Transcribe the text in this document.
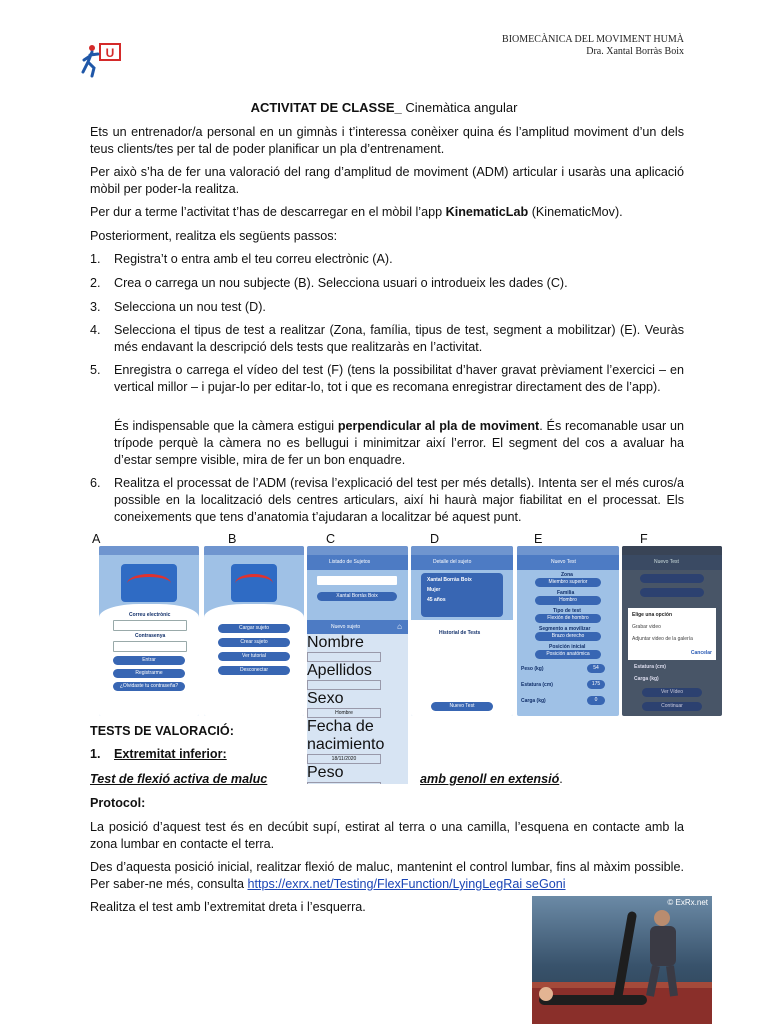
U
BIOMECÀNICA DEL MOVIMENT HUMÀ
Dra. Xantal Borràs Boix
ACTIVITAT DE CLASSE_ Cinemàtica angular
Ets un entrenador/a personal en un gimnàs i t’interessa conèixer quina és l’amplitud moviment d’un dels teus clients/tes per tal de poder planificar un pla d’entrenament.
Per això s’ha de fer una valoració del rang d’amplitud de moviment (ADM) articular i usaràs una aplicació mòbil per poder-la realitza.
Per dur a terme l’activitat t’has de descarregar en el mòbil l’app KinematicLab (KinematicMov).
Posteriorment, realitza els següents passos:
1.	Registra’t o entra amb el teu correu electrònic (A).
2.	Crea o carrega un nou subjecte (B). Selecciona usuari o introdueix les dades (C).
3.	Selecciona un nou test (D).
4.	Selecciona el tipus de test a realitzar (Zona, família, tipus de test, segment a mobilitzar) (E). Veuràs més endavant la descripció dels tests que realitzaràs en l’activitat.
5.	Enregistra o carrega el vídeo del test (F) (tens la possibilitat d’haver gravat prèviament l’exercici – en vertical millor – i pujar-lo per editar-lo, tot i que es recomana enregistrar directament des de l’app).
És indispensable que la càmera estigui perpendicular al pla de moviment. És recomanable usar un trípode perquè la càmera no es bellugui i minimitzar així l’error. El segment del cos a avaluar ha d’estar sempre visible, mira de fer un bon enquadre.
6.	Realitza el processat de l’ADM (revisa l’explicació del test per més detalls). Intenta ser el més curos/a possible en la localització dels centres articulars, així hi haurà major fiabilitat en el processat. Els coneixements que tens d’anatomia t’ajudaran a localitzar bé aquest punt.
A	B	C	D	E	F
Correu electrònic
Contrasenya
Entrar
Registrarme
¿Olvidaste tu contraseña?
Cargar sujeto
Crear sujeto
Ver tutorial
Desconectar
Listado de Sujetos
Xantal Borràs Boix
Nuevo sujeto	⌂
Nombre
Apellidos
Sexo
Hombre
Fecha de nacimiento
18/11/2020
Peso
Detalle del sujeto
Xantal Borràs Boix
Mujer
45 años
Historial de Tests
Nuevo Test
Nuevo Test
Zona
Miembro superior
Familia
Hombro
Tipo de test
Flexión de hombro
Segmento a movilizar
Brazo derecho
Posición inicial
Posición anatómica
Peso (kg)	54
Estatura (cm)	175
Carga (kg)	0
Nuevo Test
Elige una opción
Grabar video
Adjuntar video de la galería
Cancelar
Estatura (cm)
Carga (kg)
Ver Vídeo
Continuar
TESTS DE VALORACIÓ:
1.	Extremitat inferior:
Test de flexió activa de maluc	amb genoll en extensió.
Protocol:
La posició d’aquest test és en decúbit supí, estirat al terra o una camilla, l’esquena en contacte amb la zona lumbar en contacte el terra.
Des d’aquesta posició inicial, realitzar flexió de maluc, mantenint el control lumbar, fins al màxim possible. Per saber-ne més, consulta https://exrx.net/Testing/FlexFunction/LyingLegRai seGoni
Realitza el test amb l’extremitat dreta i l’esquerra.	© ExRx.net
